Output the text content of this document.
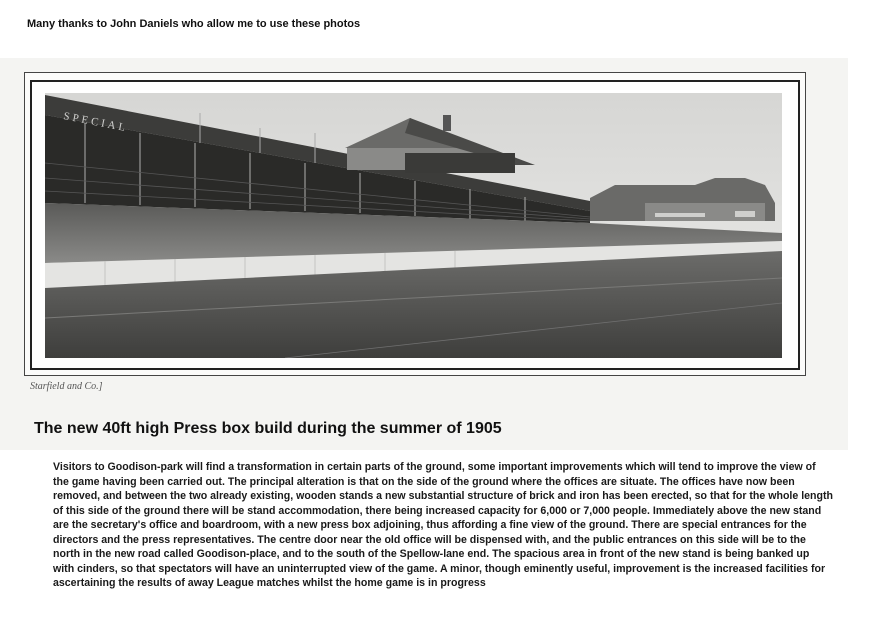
Many thanks to John Daniels who allow me to use these photos
SPECIAL
Starfield and Co.]
The new 40ft high Press box build during the summer of 1905
Visitors to Goodison-park will find a transformation in certain parts of the ground, some important improvements which will tend to improve the view of the game having been carried out. The principal alteration is that on the side of the ground where the offices are situate. The offices have now been removed, and between the two already existing, wooden stands a new substantial structure of brick and iron has been erected, so that for the whole length of this side of the ground there will be stand accommodation, there being increased capacity for 6,000 or 7,000 people. Immediately above the new stand are the secretary's office and boardroom, with a new press box adjoining, thus affording a fine view of the ground. There are special entrances for the directors and the press representatives. The centre door near the old office will be dispensed with, and the public entrances on this side will be to the north in the new road called Goodison-place, and to the south of the Spellow-lane end. The spacious area in front of the new stand is being banked up with cinders, so that spectators will have an uninterrupted view of the game. A minor, though eminently useful, improvement is the increased facilities for ascertaining the results of away League matches whilst the home game is in progress
